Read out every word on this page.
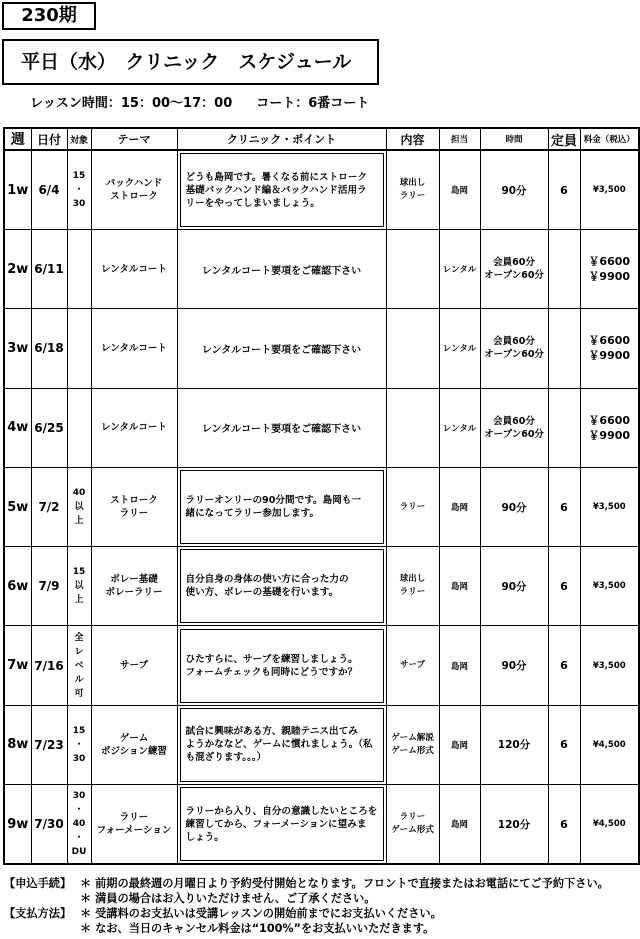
230期
平日（水）　クリニック　スケジュール
レッスン時間：15：00～17：00 コート：6番コート
週	日付	対象	テーマ	クリニック・ポイント	内容	担当	時間	定員	料金（税込）
1w	6/4	15
・
30	バックハンド
ストローク	どうも島岡です。暑くなる前にストローク
基礎バックハンド編＆バックハンド活用ラ
リーをやってしまいましょう。	球出し
ラリー	島岡	90分	6	¥3,500
2w	6/11		レンタルコート	レンタルコート要項をご確認下さい		レンタル	会員60分
オープン60分		￥6600
￥9900
3w	6/18		レンタルコート	レンタルコート要項をご確認下さい		レンタル	会員60分
オープン60分		￥6600
￥9900
4w	6/25		レンタルコート	レンタルコート要項をご確認下さい		レンタル	会員60分
オープン60分		￥6600
￥9900
5w	7/2	40
以
上	ストローク
ラリー	ラリーオンリーの90分間です。島岡も一
緒になってラリー参加します。	ラリー	島岡	90分	6	¥3,500
6w	7/9	15
以
上	ボレー基礎
ボレーラリー	自分自身の身体の使い方に合った力の
使い方、ボレーの基礎を行います。	球出し
ラリー	島岡	90分	6	¥3,500
7w	7/16	全
レ
ベ
ル
可	サーブ	ひたすらに、サーブを練習しましょう。
フォームチェックも同時にどうですか？	サーブ	島岡	90分	6	¥3,500
8w	7/23	15
・
30	ゲーム
ポジション練習	試合に興味がある方、親睦テニス出てみ
ようかななど、ゲームに慣れましょう。（私
も混ざります。。。）	ゲーム解説
ゲーム形式	島岡	120分	6	¥4,500
9w	7/30	30
・
40
・
DU	ラリー
フォーメーション	ラリーから入り、自分の意識したいところを
練習してから、フォーメーションに望みま
しょう。	ラリー
ゲーム形式	島岡	120分	6	¥4,500
【申込手続】 ＊ 前期の最終週の月曜日より予約受付開始となります。フロントで直接またはお電話にてご予約下さい。
＊ 満員の場合はお入りいただけません、ご了承ください。
【支払方法】 ＊ 受講料のお支払いは受講レッスンの開始前までにお支払いください。
＊ なお、当日のキャンセル料金は“100%”をお支払いいただきます。
